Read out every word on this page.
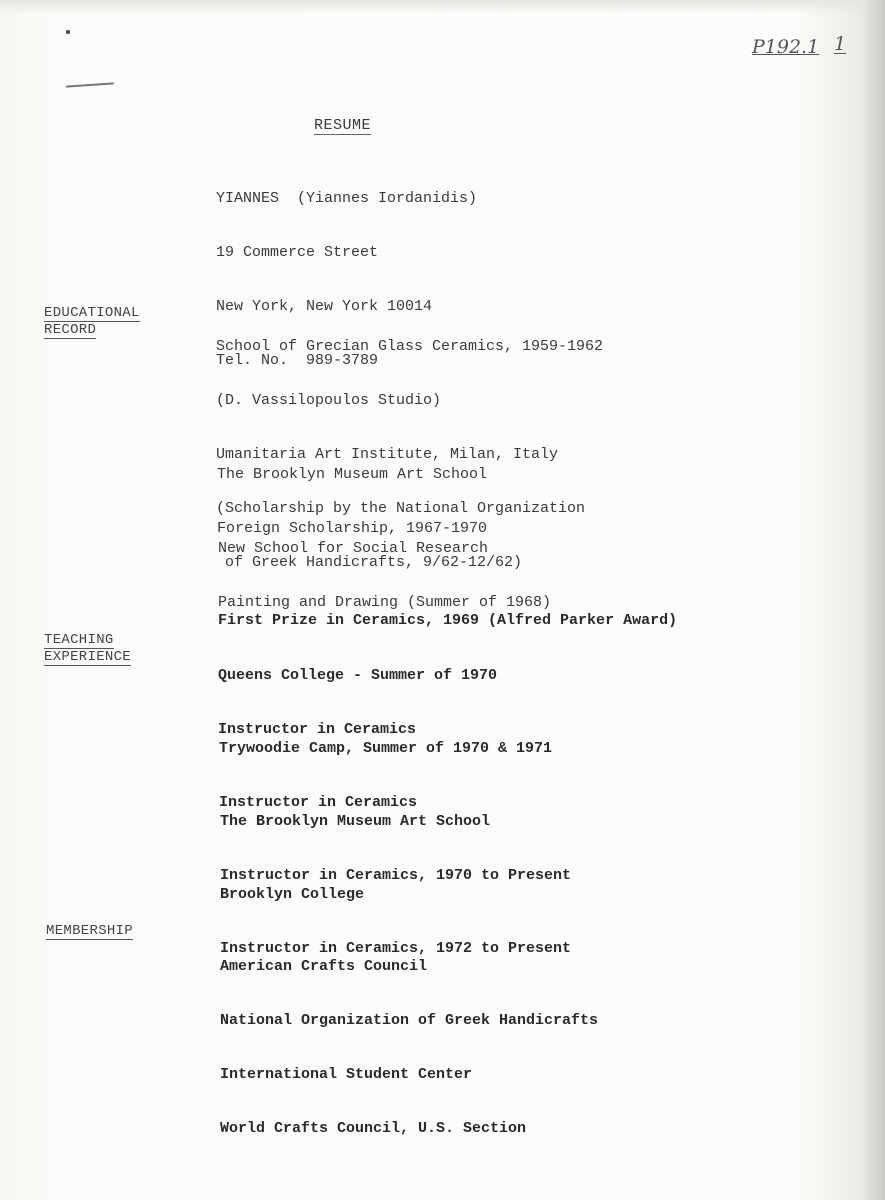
P192.1 1
RESUME

YIANNES  (Yiannes Iordanidis)

19 Commerce Street

New York, New York 10014

Tel. No.  989-3789

EDUCATIONAL
RECORD

School of Grecian Glass Ceramics, 1959-1962

(D. Vassilopoulos Studio)

Umanitaria Art Institute, Milan, Italy

(Scholarship by the National Organization

of Greek Handicrafts, 9/62-12/62)

The Brooklyn Museum Art School

Foreign Scholarship, 1967-1970

New School for Social Research

Painting and Drawing (Summer of 1968)

First Prize in Ceramics, 1969 (Alfred Parker Award)

TEACHING
EXPERIENCE

Queens College - Summer of 1970

Instructor in Ceramics

Trywoodie Camp, Summer of 1970 & 1971

Instructor in Ceramics

The Brooklyn Museum Art School

Instructor in Ceramics, 1970 to Present

Brooklyn College

Instructor in Ceramics, 1972 to Present

MEMBERSHIP

American Crafts Council

National Organization of Greek Handicrafts

International Student Center

World Crafts Council, U.S. Section
